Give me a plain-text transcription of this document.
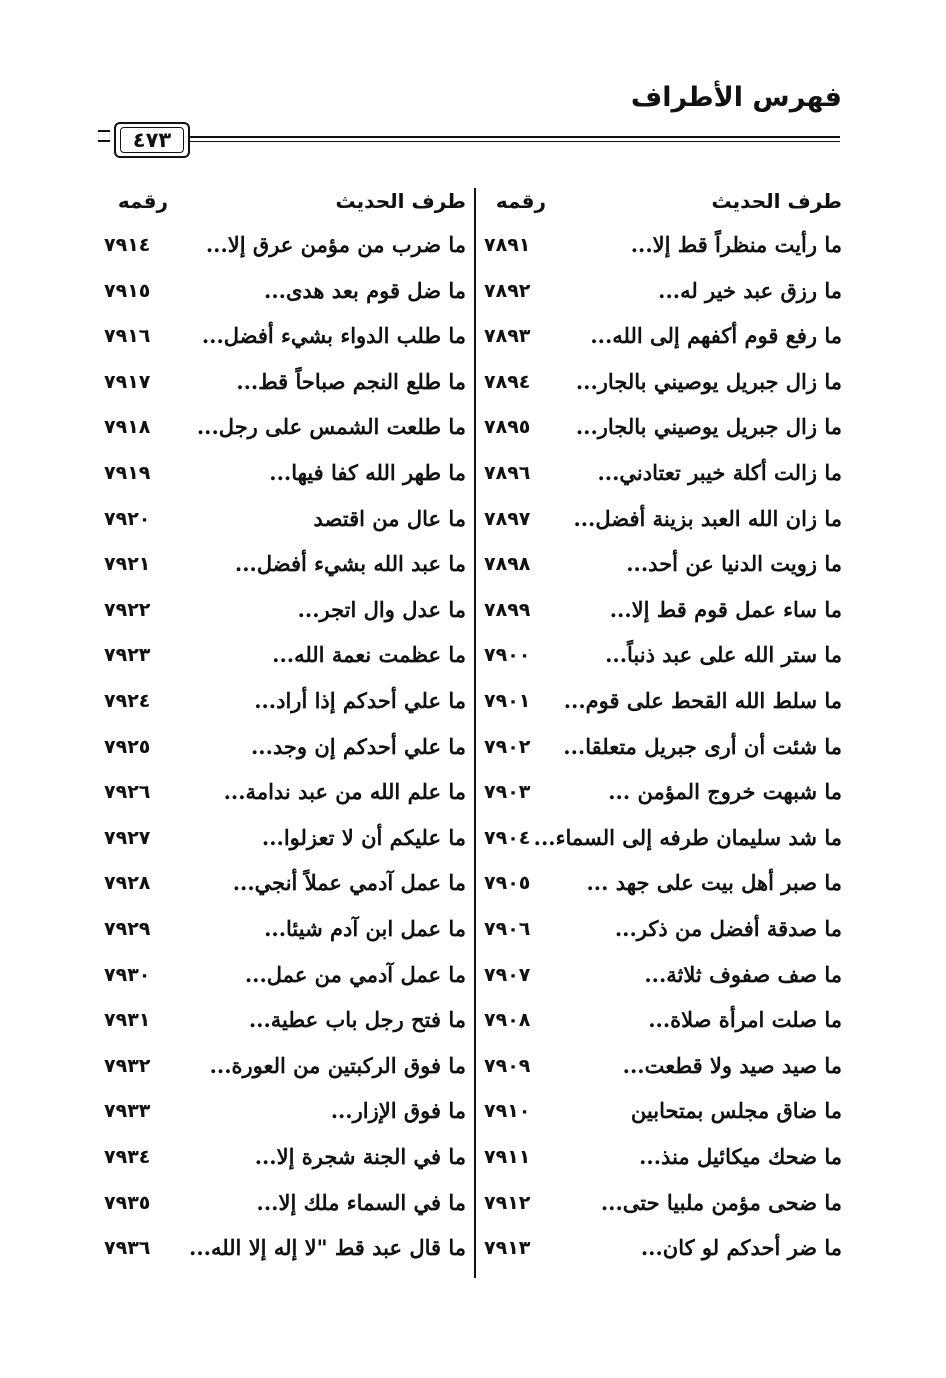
فهرس الأطراف
٤٧٣
طرف الحديث
رقمه
طرف الحديث
رقمه
ما رأيت منظراً قط إلا...
٧٨٩١
ما ضرب من مؤمن عرق إلا...
٧٩١٤
ما رزق عبد خير له...
٧٨٩٢
ما ضل قوم بعد هدى...
٧٩١٥
ما رفع قوم أكفهم إلى الله...
٧٨٩٣
ما طلب الدواء بشيء أفضل...
٧٩١٦
ما زال جبريل يوصيني بالجار...
٧٨٩٤
ما طلع النجم صباحاً قط...
٧٩١٧
ما زال جبريل يوصيني بالجار...
٧٨٩٥
ما طلعت الشمس على رجل...
٧٩١٨
ما زالت أكلة خيبر تعتادني...
٧٨٩٦
ما طهر الله كفا فيها...
٧٩١٩
ما زان الله العبد بزينة أفضل...
٧٨٩٧
ما عال من اقتصد
٧٩٢٠
ما زويت الدنيا عن أحد...
٧٨٩٨
ما عبد الله بشيء أفضل...
٧٩٢١
ما ساء عمل قوم قط إلا...
٧٨٩٩
ما عدل وال اتجر...
٧٩٢٢
ما ستر الله على عبد ذنباً...
٧٩٠٠
ما عظمت نعمة الله...
٧٩٢٣
ما سلط الله القحط على قوم...
٧٩٠١
ما علي أحدكم إذا أراد...
٧٩٢٤
ما شئت أن أرى جبريل متعلقا...
٧٩٠٢
ما علي أحدكم إن وجد...
٧٩٢٥
ما شبهت خروج المؤمن ...
٧٩٠٣
ما علم الله من عبد ندامة...
٧٩٢٦
ما شد سليمان طرفه إلى السماء...
٧٩٠٤
ما عليكم أن لا تعزلوا...
٧٩٢٧
ما صبر أهل بيت على جهد ...
٧٩٠٥
ما عمل آدمي عملاً أنجي...
٧٩٢٨
ما صدقة أفضل من ذكر...
٧٩٠٦
ما عمل ابن آدم شيئا...
٧٩٢٩
ما صف صفوف ثلاثة...
٧٩٠٧
ما عمل آدمي من عمل...
٧٩٣٠
ما صلت امرأة صلاة...
٧٩٠٨
ما فتح رجل باب عطية...
٧٩٣١
ما صيد صيد ولا قطعت...
٧٩٠٩
ما فوق الركبتين من العورة...
٧٩٣٢
ما ضاق مجلس بمتحابين
٧٩١٠
ما فوق الإزار...
٧٩٣٣
ما ضحك ميكائيل منذ...
٧٩١١
ما في الجنة شجرة إلا...
٧٩٣٤
ما ضحى مؤمن ملبيا حتى...
٧٩١٢
ما في السماء ملك إلا...
٧٩٣٥
ما ضر أحدكم لو كان...
٧٩١٣
ما قال عبد قط "لا إله إلا الله...
٧٩٣٦
